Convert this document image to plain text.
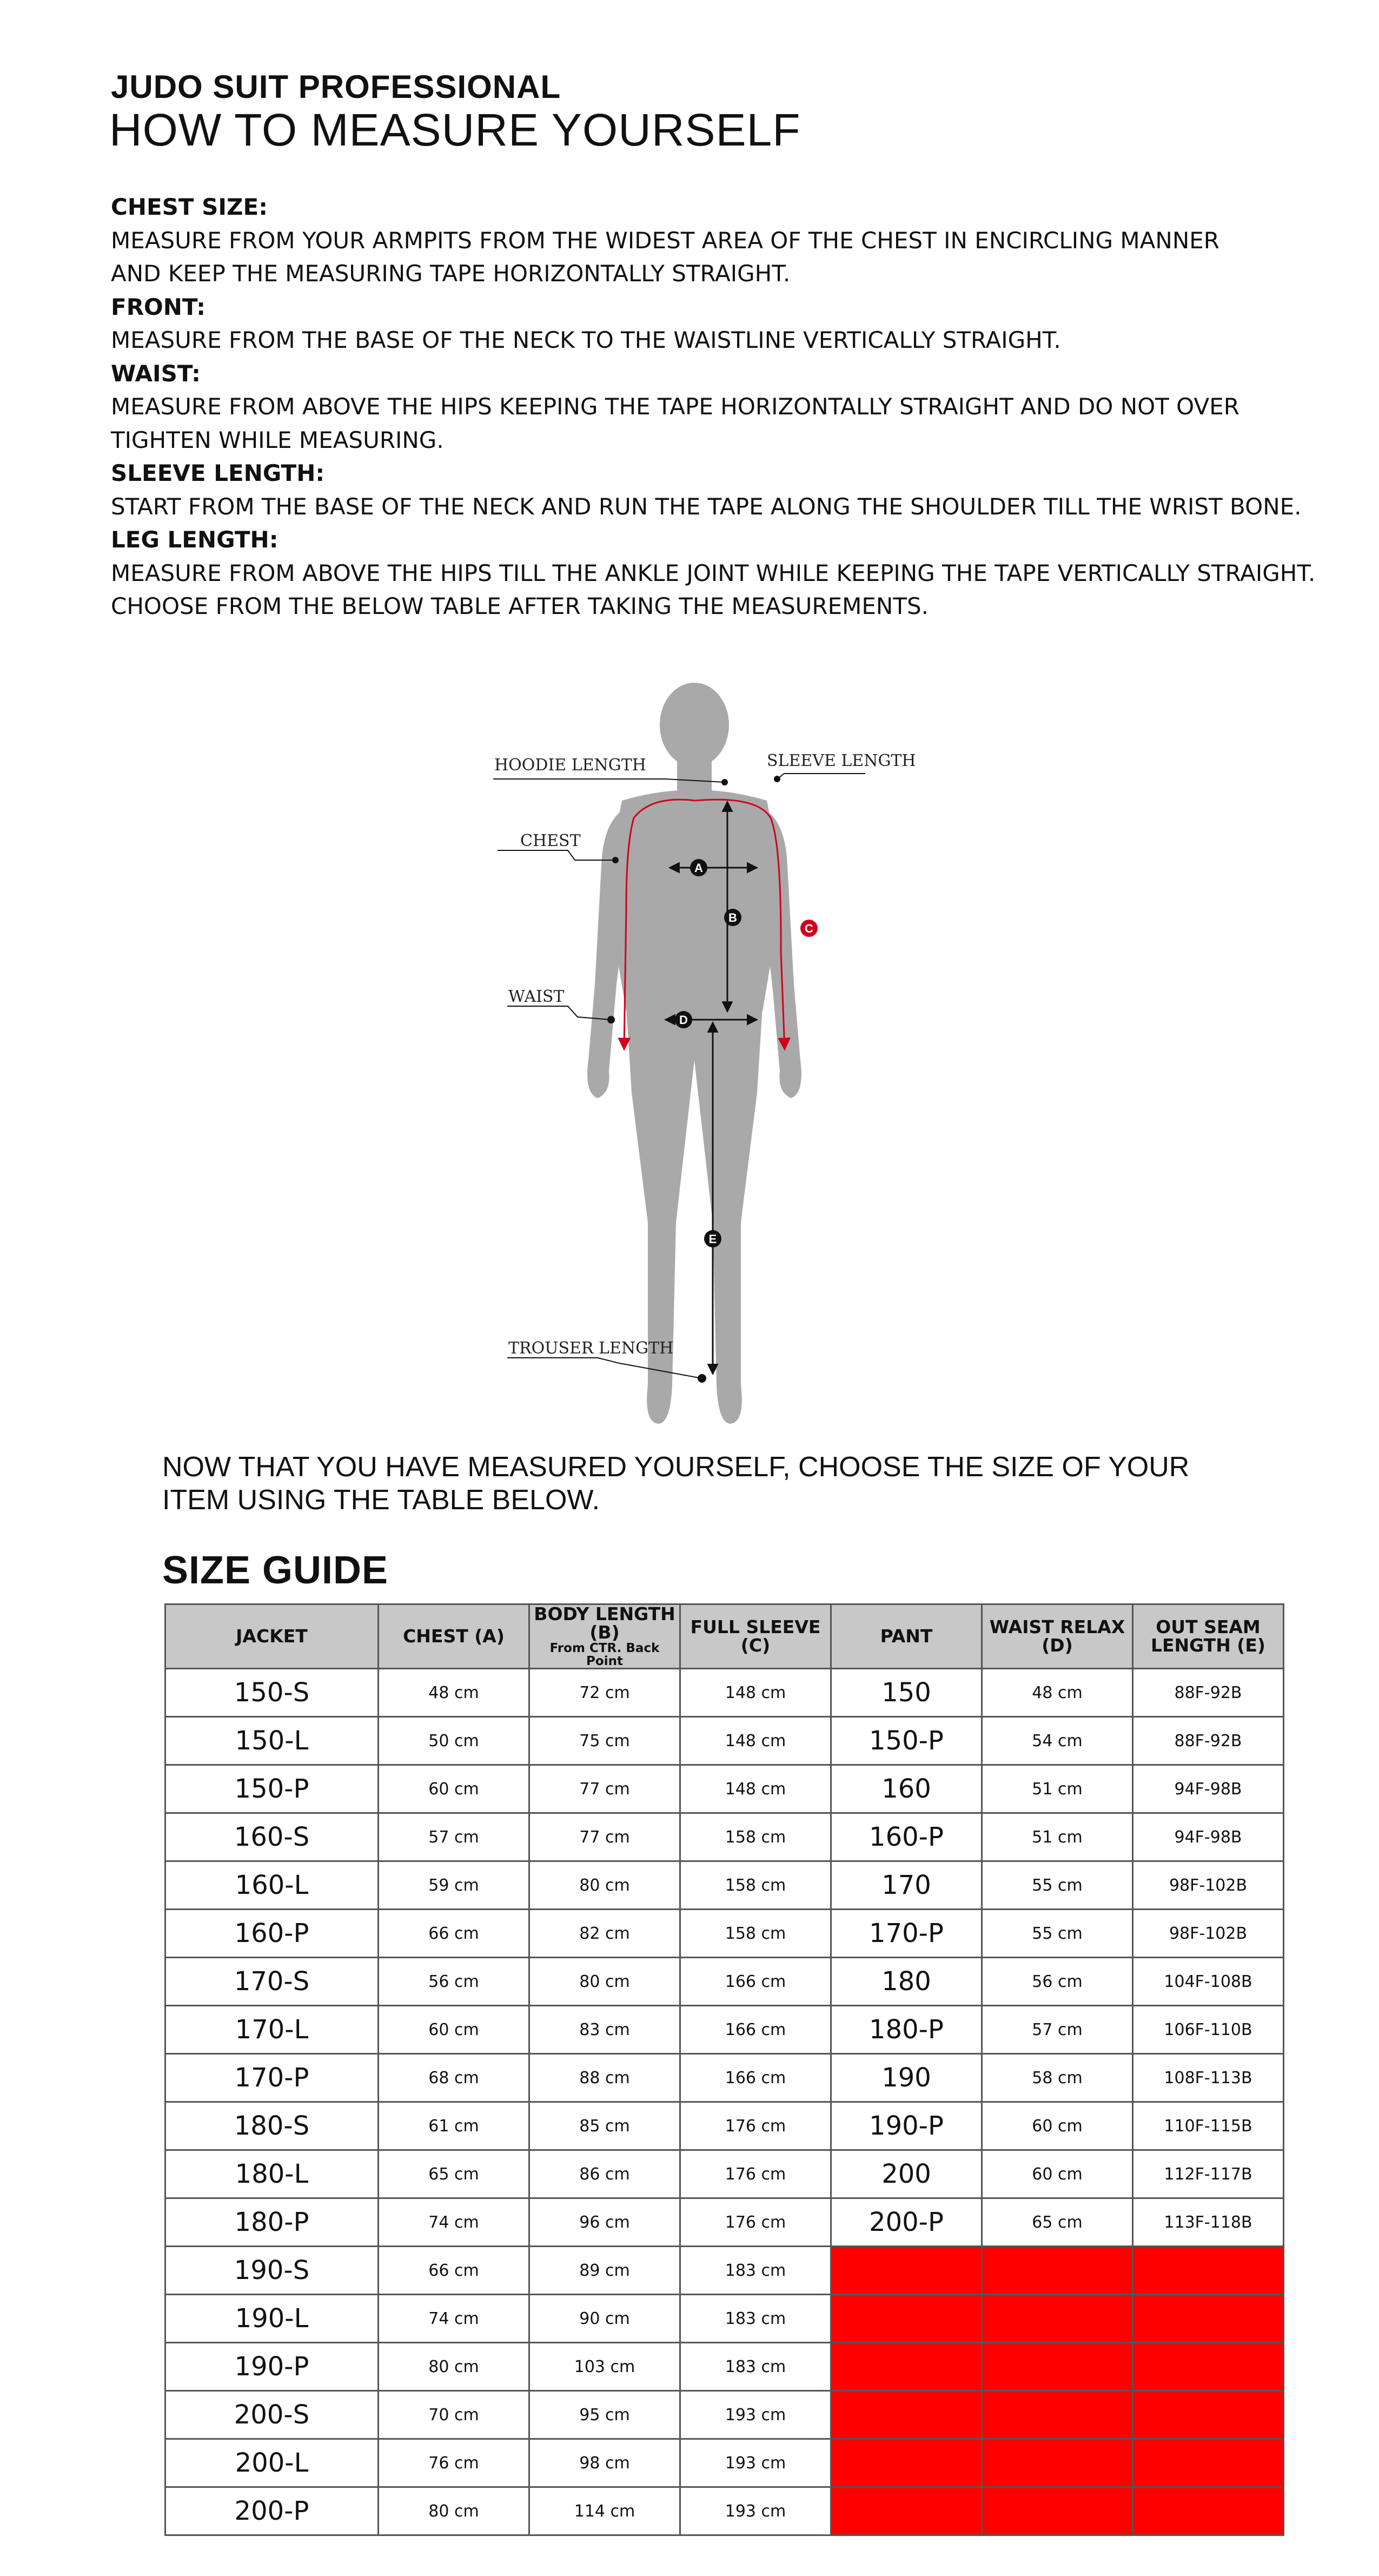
JUDO SUIT PROFESSIONAL
HOW TO MEASURE YOURSELF
CHEST SIZE:
MEASURE FROM YOUR ARMPITS FROM THE WIDEST AREA OF THE CHEST IN ENCIRCLING MANNER
AND KEEP THE MEASURING TAPE HORIZONTALLY STRAIGHT.
FRONT:
MEASURE FROM THE BASE OF THE NECK TO THE WAISTLINE VERTICALLY STRAIGHT.
WAIST:
MEASURE FROM ABOVE THE HIPS KEEPING THE TAPE HORIZONTALLY STRAIGHT AND DO NOT OVER
TIGHTEN WHILE MEASURING.
SLEEVE LENGTH:
START FROM THE BASE OF THE NECK AND RUN THE TAPE ALONG THE SHOULDER TILL THE WRIST BONE.
LEG LENGTH:
MEASURE FROM ABOVE THE HIPS TILL THE ANKLE JOINT WHILE KEEPING THE TAPE VERTICALLY STRAIGHT.
CHOOSE FROM THE BELOW TABLE AFTER TAKING THE MEASUREMENTS.
HOODIE LENGTH	SLEEVE LENGTH
CHEST
WAIST
TROUSER LENGTH
A
B
C
D
E
NOW THAT YOU HAVE MEASURED YOURSELF, CHOOSE THE SIZE OF YOUR
ITEM USING THE TABLE BELOW.
SIZE GUIDE
JACKET	CHEST (A)	BODY LENGTH (B)
From CTR. Back Point	FULL SLEEVE (C)	PANT	WAIST RELAX (D)	OUT SEAM LENGTH (E)
150-S	48 cm	72 cm	148 cm	150	48 cm	88F-92B
150-L	50 cm	75 cm	148 cm	150-P	54 cm	88F-92B
150-P	60 cm	77 cm	148 cm	160	51 cm	94F-98B
160-S	57 cm	77 cm	158 cm	160-P	51 cm	94F-98B
160-L	59 cm	80 cm	158 cm	170	55 cm	98F-102B
160-P	66 cm	82 cm	158 cm	170-P	55 cm	98F-102B
170-S	56 cm	80 cm	166 cm	180	56 cm	104F-108B
170-L	60 cm	83 cm	166 cm	180-P	57 cm	106F-110B
170-P	68 cm	88 cm	166 cm	190	58 cm	108F-113B
180-S	61 cm	85 cm	176 cm	190-P	60 cm	110F-115B
180-L	65 cm	86 cm	176 cm	200	60 cm	112F-117B
180-P	74 cm	96 cm	176 cm	200-P	65 cm	113F-118B
190-S	66 cm	89 cm	183 cm			
190-L	74 cm	90 cm	183 cm			
190-P	80 cm	103 cm	183 cm			
200-S	70 cm	95 cm	193 cm			
200-L	76 cm	98 cm	193 cm			
200-P	80 cm	114 cm	193 cm			
